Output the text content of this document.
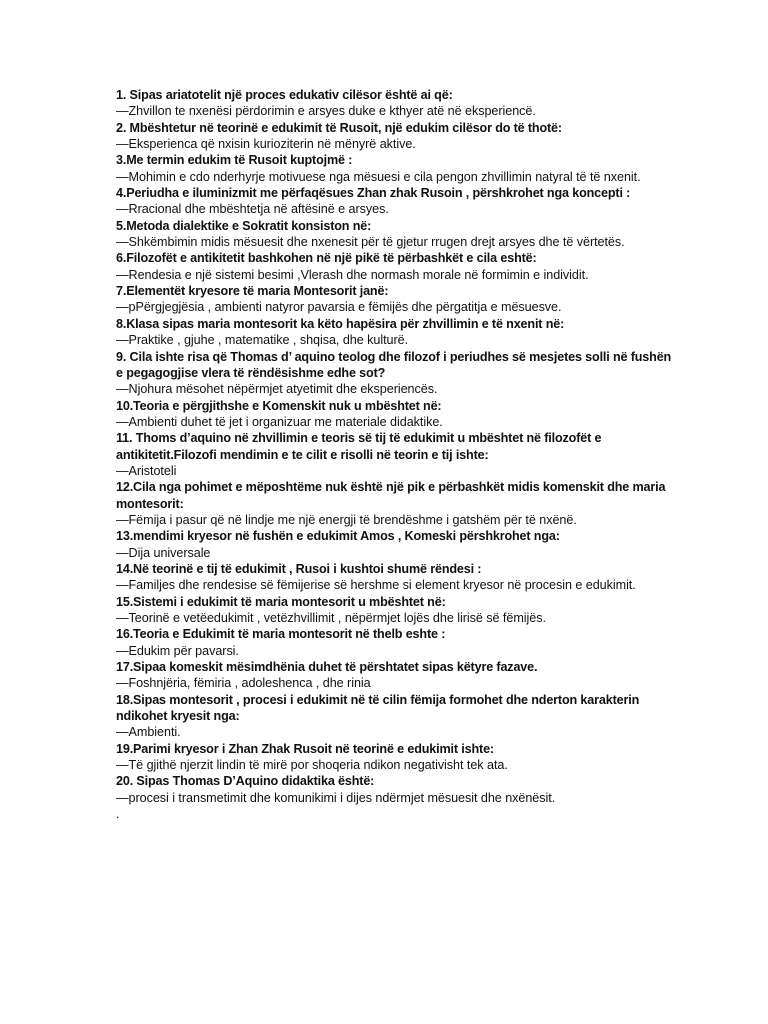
1. Sipas ariatotelit një proces edukativ cilësor është ai që:
—Zhvillon te nxenësi përdorimin e arsyes duke e kthyer atë në eksperiencë.
2. Mbështetur në teorinë e edukimit të Rusoit, një edukim cilësor do të thotë:
—Eksperienca që nxisin kurioziterin në mënyrë aktive.
3.Me termin edukim të Rusoit kuptojmë :
—Mohimin e cdo nderhyrje motivuese nga mësuesi e cila pengon zhvillimin natyral të të nxenit.
4.Periudha e iluminizmit me përfaqësues Zhan zhak Rusoin , përshkrohet nga koncepti :
—Rracional dhe mbështetja në aftësinë e arsyes.
5.Metoda dialektike e Sokratit konsiston në:
—Shkëmbimin midis mësuesit dhe nxenesit për të gjetur rrugen drejt arsyes dhe të vërtetës.
6.Filozofët e antikitetit bashkohen në një pikë të përbashkët e cila eshtë:
—Rendesia e një sistemi besimi ,Vlerash dhe normash morale në formimin e individit.
7.Elementët kryesore të maria Montesorit janë:
—pPërgjegjësia , ambienti natyror pavarsia e fëmijës dhe përgatitja e mësuesve.
8.Klasa sipas maria montesorit ka këto hapësira për zhvillimin e të nxenit në:
—Praktike , gjuhe , matematike , shqisa, dhe kulturë.
9. Cila ishte risa që Thomas d’ aquino teolog dhe filozof i periudhes së mesjetes solli në fushën
e pegagogjise vlera të rëndësishme edhe sot?
—Njohura mësohet nëpërmjet atyetimit dhe eksperiencës.
10.Teoria e përgjithshe e Komenskit nuk u mbështet në:
—Ambienti duhet të jet i organizuar me materiale didaktike.
11. Thoms d’aquino në zhvillimin e teoris së tij të edukimit u mbështet në filozofët e
antikitetit.Filozofi mendimin e te cilit e risolli në teorin e tij ishte:
—Aristoteli
12.Cila nga pohimet e mëposhtëme nuk është një pik e përbashkët midis komenskit dhe maria
montesorit:
—Fëmija i pasur që në lindje me një energji të brendëshme i gatshëm për të nxënë.
13.mendimi kryesor në fushën e edukimit Amos , Komeski përshkrohet nga:
—Dija universale
14.Në teorinë e tij të edukimit , Rusoi i kushtoi shumë rëndesi :
—Familjes dhe rendesise së fëmijerise së hershme si element kryesor në procesin e edukimit.
15.Sistemi i edukimit të maria montesorit u mbështet në:
—Teorinë e vetëedukimit , vetëzhvillimit , nëpërmjet lojës dhe lirisë së fëmijës.
16.Teoria e Edukimit të maria montesorit në thelb eshte :
—Edukim për pavarsi.
17.Sipaa komeskit mësimdhënia duhet të përshtatet sipas këtyre fazave.
—Foshnjëria, fëmiria , adoleshenca , dhe rinia
18.Sipas montesorit , procesi i edukimit në të cilin fëmija formohet dhe nderton karakterin
ndikohet kryesit nga:
—Ambienti.
19.Parimi kryesor i Zhan Zhak Rusoit në teorinë e edukimit ishte:
—Të gjithë njerzit lindin të mirë por shoqeria ndikon negativisht tek ata.
20. Sipas Thomas D’Aquino didaktika është:
—procesi i transmetimit dhe komunikimi i dijes ndërmjet mësuesit dhe nxënësit.
.
